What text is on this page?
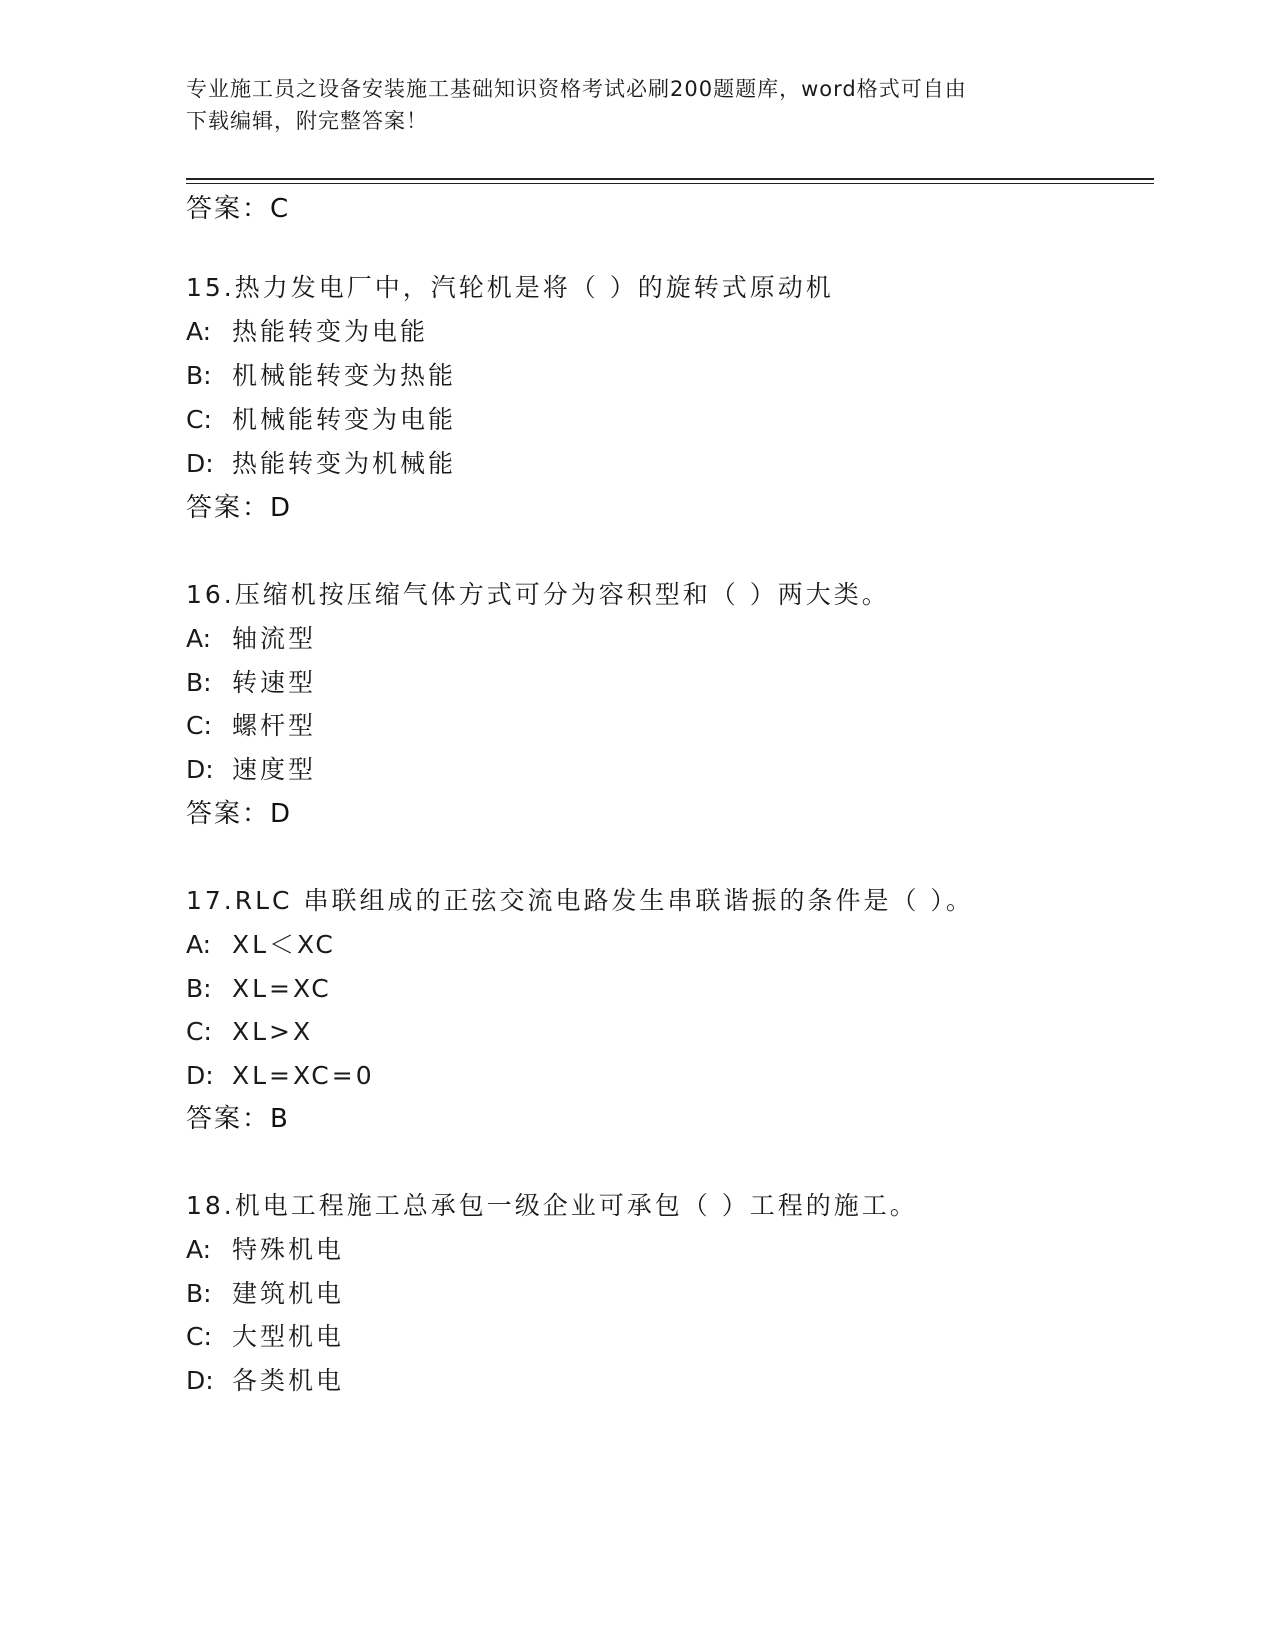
专业施工员之设备安装施工基础知识资格考试必刷200题题库，word格式可自由
下载编辑，附完整答案！
答案：C
15.热力发电厂中，汽轮机是将（ ）的旋转式原动机
A: 热能转变为电能
B: 机械能转变为热能
C: 机械能转变为电能
D: 热能转变为机械能
答案：D
16.压缩机按压缩气体方式可分为容积型和（ ）两大类。
A: 轴流型
B: 转速型
C: 螺杆型
D: 速度型
答案：D
17.RLC 串联组成的正弦交流电路发生串联谐振的条件是（ ）。
A: XL＜XC
B: XL=XC
C: XL>X
D: XL=XC=0
答案：B
18.机电工程施工总承包一级企业可承包（ ）工程的施工。
A: 特殊机电
B: 建筑机电
C: 大型机电
D: 各类机电
